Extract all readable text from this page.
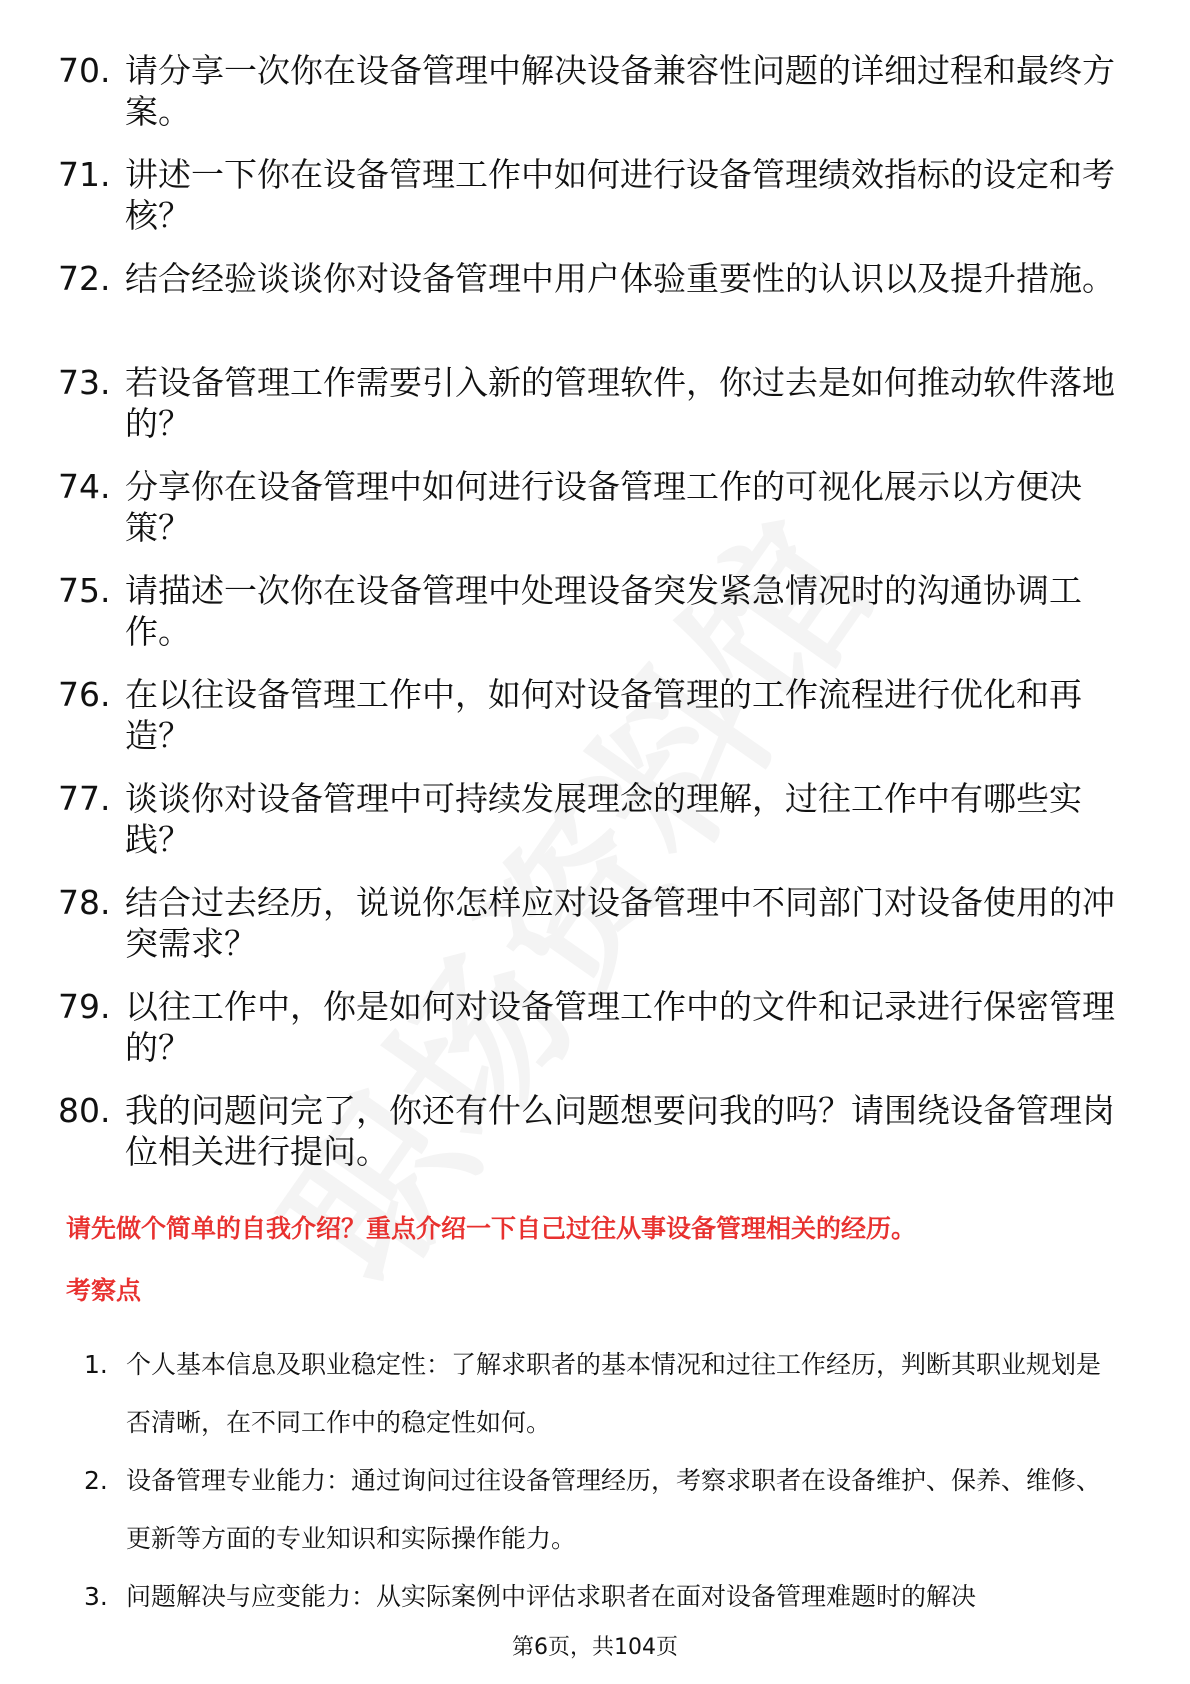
70. 请分享一次你在设备管理中解决设备兼容性问题的详细过程和最终方案。
71. 讲述一下你在设备管理工作中如何进行设备管理绩效指标的设定和考核？
72. 结合经验谈谈你对设备管理中用户体验重要性的认识以及提升措施。
73. 若设备管理工作需要引入新的管理软件，你过去是如何推动软件落地的？
74. 分享你在设备管理中如何进行设备管理工作的可视化展示以方便决策？
75. 请描述一次你在设备管理中处理设备突发紧急情况时的沟通协调工作。
76. 在以往设备管理工作中，如何对设备管理的工作流程进行优化和再造？
77. 谈谈你对设备管理中可持续发展理念的理解，过往工作中有哪些实践？
78. 结合过去经历，说说你怎样应对设备管理中不同部门对设备使用的冲突需求？
79. 以往工作中，你是如何对设备管理工作中的文件和记录进行保密管理的？
80. 我的问题问完了，你还有什么问题想要问我的吗？请围绕设备管理岗位相关进行提问。

请先做个简单的自我介绍？重点介绍一下自己过往从事设备管理相关的经历。

考察点

1. 个人基本信息及职业稳定性：了解求职者的基本情况和过往工作经历，判断其职业规划是否清晰，在不同工作中的稳定性如何。
2. 设备管理专业能力：通过询问过往设备管理经历，考察求职者在设备维护、保养、维修、更新等方面的专业知识和实际操作能力。
3. 问题解决与应变能力：从实际案例中评估求职者在面对设备管理难题时的解决
第6页，共104页
